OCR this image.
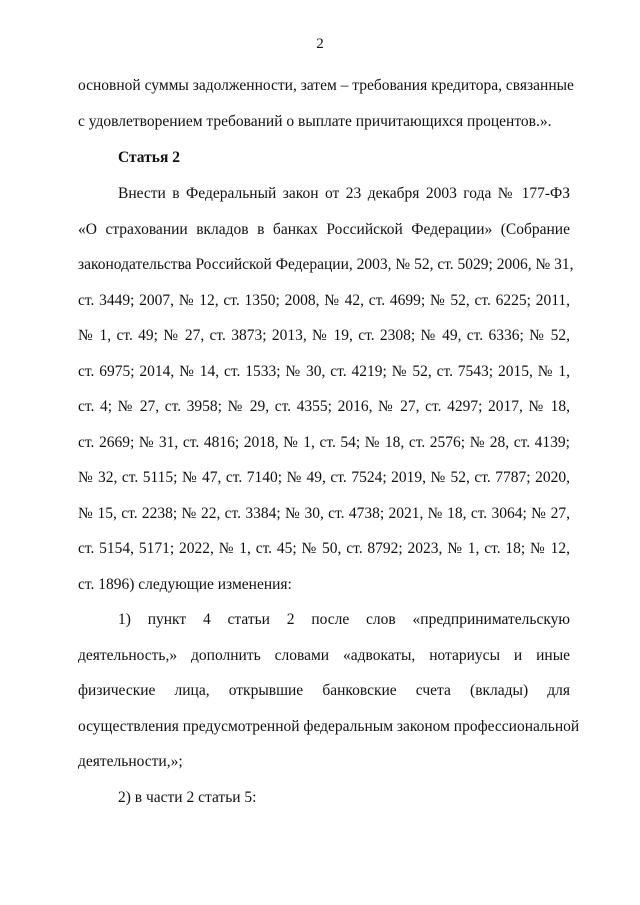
2
основной суммы задолженности, затем – требования кредитора, связанные
с удовлетворением требований о выплате причитающихся процентов.».
Статья 2
Внести в Федеральный закон от 23 декабря 2003 года № 177-ФЗ
«О страховании вкладов в банках Российской Федерации» (Собрание
законодательства Российской Федерации, 2003, № 52, ст. 5029; 2006, № 31,
ст. 3449; 2007, № 12, ст. 1350; 2008, № 42, ст. 4699; № 52, ст. 6225; 2011,
№ 1, ст. 49; № 27, ст. 3873; 2013, № 19, ст. 2308; № 49, ст. 6336; № 52,
ст. 6975; 2014, № 14, ст. 1533; № 30, ст. 4219; № 52, ст. 7543; 2015, № 1,
ст. 4; № 27, ст. 3958; № 29, ст. 4355; 2016, № 27, ст. 4297; 2017, № 18,
ст. 2669; № 31, ст. 4816; 2018, № 1, ст. 54; № 18, ст. 2576; № 28, ст. 4139;
№ 32, ст. 5115; № 47, ст. 7140; № 49, ст. 7524; 2019, № 52, ст. 7787; 2020,
№ 15, ст. 2238; № 22, ст. 3384; № 30, ст. 4738; 2021, № 18, ст. 3064; № 27,
ст. 5154, 5171; 2022, № 1, ст. 45; № 50, ст. 8792; 2023, № 1, ст. 18; № 12,
ст. 1896) следующие изменения:
1) пункт 4 статьи 2 после слов «предпринимательскую
деятельность,» дополнить словами «адвокаты, нотариусы и иные
физические лица, открывшие банковские счета (вклады) для
осуществления предусмотренной федеральным законом профессиональной
деятельности,»;
2) в части 2 статьи 5:
